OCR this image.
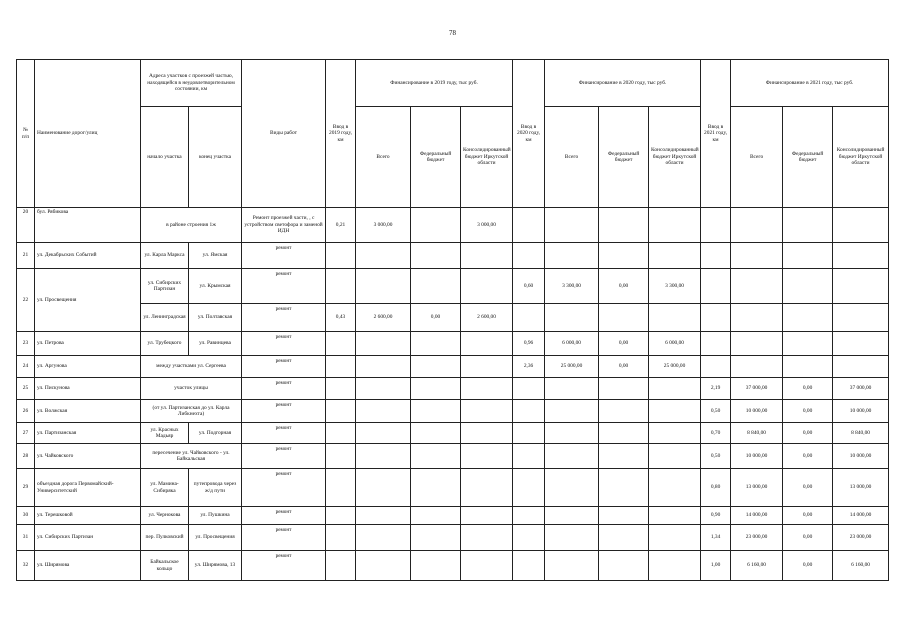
78
№
п/п	Наименование дорог/улиц	Адреса участков с проезжей частью, находящейся в неудовлетворительном состоянии, км		Виды работ	Ввод в 2019 году, км	Финансирование в 2019 году, тыс руб.			Ввод в 2020 году, км	Финансирование в 2020 году, тыс руб.			Ввод в 2021 году, км	Финансирование в 2021 году, тыс руб.		
		начало участка	конец участка			Всего	Федеральный бюджет	Консолидированный бюджет Иркутской области		Всего	Федеральный бюджет	Консолидированный бюджет Иркутской области		Всего	Федеральный бюджет	Консолидированный бюджет Иркутской области
20	бул. Рябикова	в районе строения 1ж		Ремонт проезжей части, , с устройством светофора и заменой ИДН	0,21	3 000,00		3 000,00								
21	ул. Декабрьских Событий	ул. Карла Маркса	ул. Ямская	ремонт												

22	ул. Просвещения	ул. Сибирских Партизан	ул. Крымская	ремонт					0,60	3 300,00	0,00	3 300,00				
		ул. Ленинградская	ул. Полтавская	ремонт	0,43	2 600,00	0,00	2 600,00								
23	ул. Петрова	ул. Трубецкого	ул. Равинцева	ремонт					0,96	6 000,00	0,00	6 000,00				
24	ул. Аргунова	между участками ул. Сергеева		ремонт					2,36	25 000,00	0,00	25 000,00				
25	ул. Пискунова	участок улицы		ремонт									2,19	37 000,00	0,00	37 000,00
26	ул. Волжская	(от ул. Партизанская до ул. Карла Либкнехта)		ремонт									0,50	10 000,00	0,00	10 000,00
27	ул. Партизанская	ул. Красных Мадьяр	ул. Подгорная	ремонт									0,70	8 840,00	0,00	8 840,00
28	ул. Чайковского	пересечение ул. Чайковского - ул. Байкальская		ремонт									0,50	10 000,00	0,00	10 000,00
29	объездная дорога Первомайский-Университетский	ул. Мамина-Сибиряка	путепровода через ж/д пути	ремонт									0,80	13 000,00	0,00	13 000,00
30	ул. Терешковой	ул. Чернокова	ул. Пушкина	ремонт									0,90	14 000,00	0,00	14 000,00
31	ул. Сибирских Партизан	пер. Пулковский	ул. Просвещения	ремонт									1,34	23 000,00	0,00	23 000,00
32	ул. Ширямова	Байкальское кольцо	ул. Ширямова, 13	ремонт									1,00	6 160,00	0,00	6 160,00
